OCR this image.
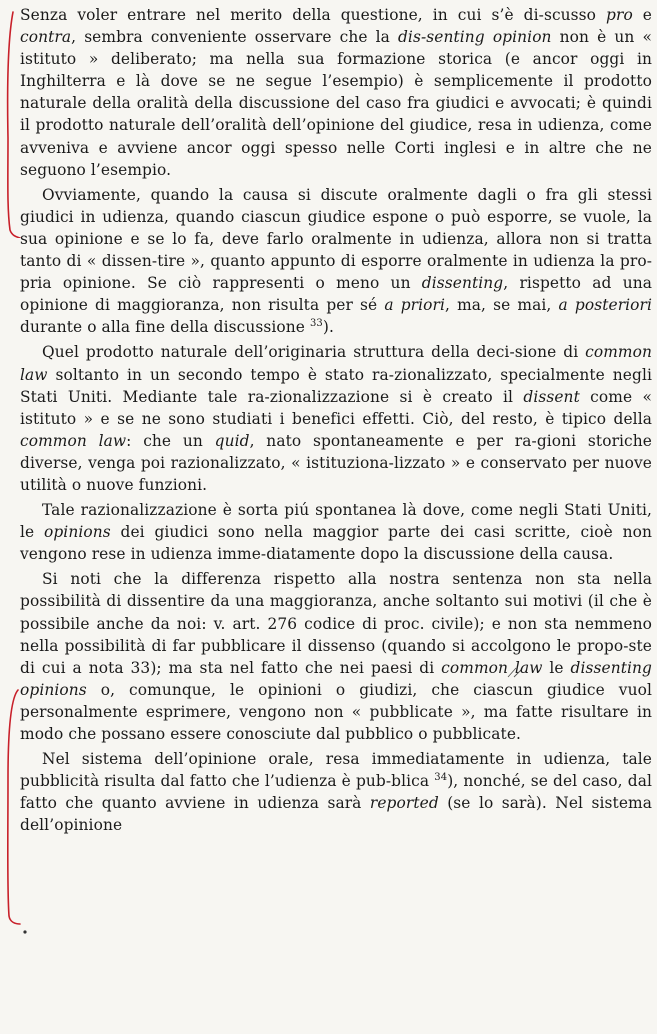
Senza voler entrare nel merito della questione, in cui s’è di-scusso pro e contra, sembra conveniente osservare che la dis-senting opinion non è un « istituto » deliberato; ma nella sua formazione storica (e ancor oggi in Inghilterra e là dove se ne segue l’esempio) è semplicemente il prodotto naturale della oralità della discussione del caso fra giudici e avvocati; è quindi il prodotto naturale dell’oralità dell’opinione del giudice, resa in udienza, come avveniva e avviene ancor oggi spesso nelle Corti inglesi e in altre che ne seguono l’esempio.

Ovviamente, quando la causa si discute oralmente dagli o fra gli stessi giudici in udienza, quando ciascun giudice espone o può esporre, se vuole, la sua opinione e se lo fa, deve farlo oralmente in udienza, allora non si tratta tanto di « dissen-tire », quanto appunto di esporre oralmente in udienza la pro-pria opinione. Se ciò rappresenti o meno un dissenting, rispetto ad una opinione di maggioranza, non risulta per sé a priori, ma, se mai, a posteriori durante o alla fine della discussione $^{33}$).

Quel prodotto naturale dell’originaria struttura della deci-sione di common law soltanto in un secondo tempo è stato ra-zionalizzato, specialmente negli Stati Uniti. Mediante tale ra-zionalizzazione si è creato il dissent come « istituto » e se ne sono studiati i benefici effetti. Ciò, del resto, è tipico della common law: che un quid, nato spontaneamente e per ra-gioni storiche diverse, venga poi razionalizzato, « istituziona-lizzato » e conservato per nuove utilità o nuove funzioni.

Tale razionalizzazione è sorta piú spontanea là dove, come negli Stati Uniti, le opinions dei giudici sono nella maggior parte dei casi scritte, cioè non vengono rese in udienza imme-diatamente dopo la discussione della causa.

Si noti che la differenza rispetto alla nostra sentenza non sta nella possibilità di dissentire da una maggioranza, anche soltanto sui motivi (il che è possibile anche da noi: v. art. 276 codice di proc. civile); e non sta nemmeno nella possibilità di far pubblicare il dissenso (quando si accolgono le propo-ste di cui a nota 33); ma sta nel fatto che nei paesi di common law le dissenting opinions o, comunque, le opinioni o giudizi, che ciascun giudice vuol personalmente esprimere, vengono non « pubblicate », ma fatte risultare in modo che possano essere conosciute dal pubblico o pubblicate.

Nel sistema dell’opinione orale, resa immediatamente in udienza, tale pubblicità risulta dal fatto che l’udienza è pub-blica $^{34}$), nonché, se del caso, dal fatto che quanto avviene in udienza sarà reported (se lo sarà). Nel sistema dell’opinione
